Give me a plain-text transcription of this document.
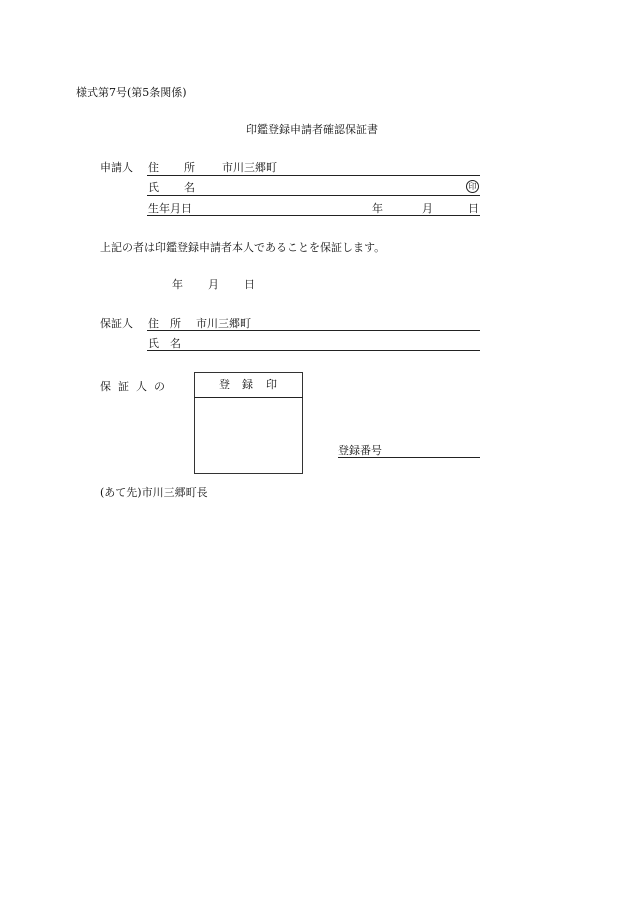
様式第7号(第5条関係)
印鑑登録申請者確認保証書
申請人 住 所 市川三郷町
氏 名	印
生年月日	年	月	日
上記の者は印鑑登録申請者本人であることを保証します。
年 月 日
保証人 住 所 市川三郷町
氏 名
保 証 人 の	登 録 印
登録番号
(あて先)市川三郷町長
